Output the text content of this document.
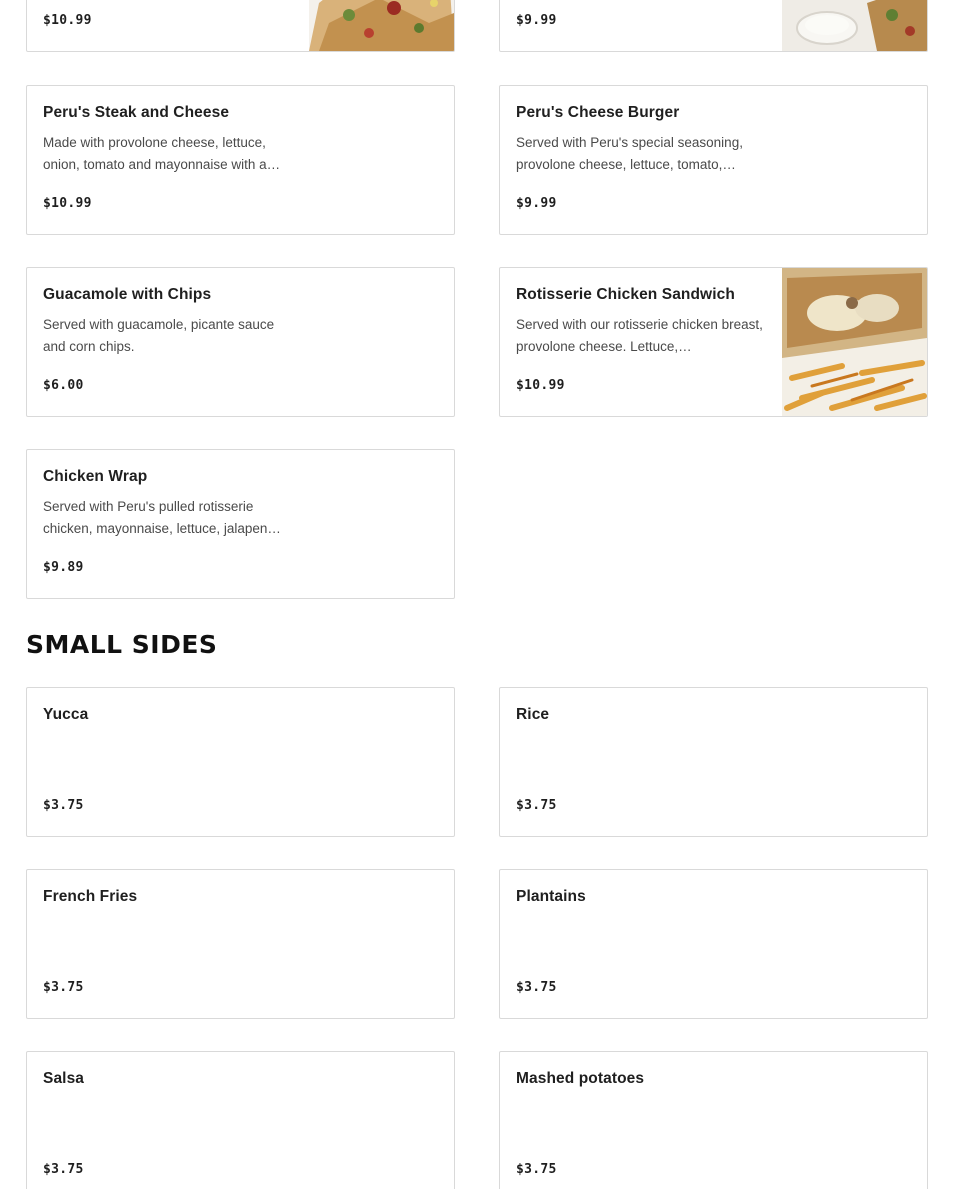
$10.99	$9.99
Peru's Steak and Cheese
Made with provolone cheese, lettuce, onion, tomato and mayonnaise with a…
$10.99
Peru's Cheese Burger
Served with Peru's special seasoning, provolone cheese, lettuce, tomato,…
$9.99
Guacamole with Chips
Served with guacamole, picante sauce and corn chips.
$6.00
Rotisserie Chicken Sandwich
Served with our rotisserie chicken breast, provolone cheese. Lettuce,…
$10.99
Chicken Wrap
Served with Peru's pulled rotisserie chicken, mayonnaise, lettuce, jalapen…
$9.89
SMALL SIDES
Yucca
$3.75
Rice
$3.75
French Fries
$3.75
Plantains
$3.75
Salsa
$3.75
Mashed potatoes
$3.75
